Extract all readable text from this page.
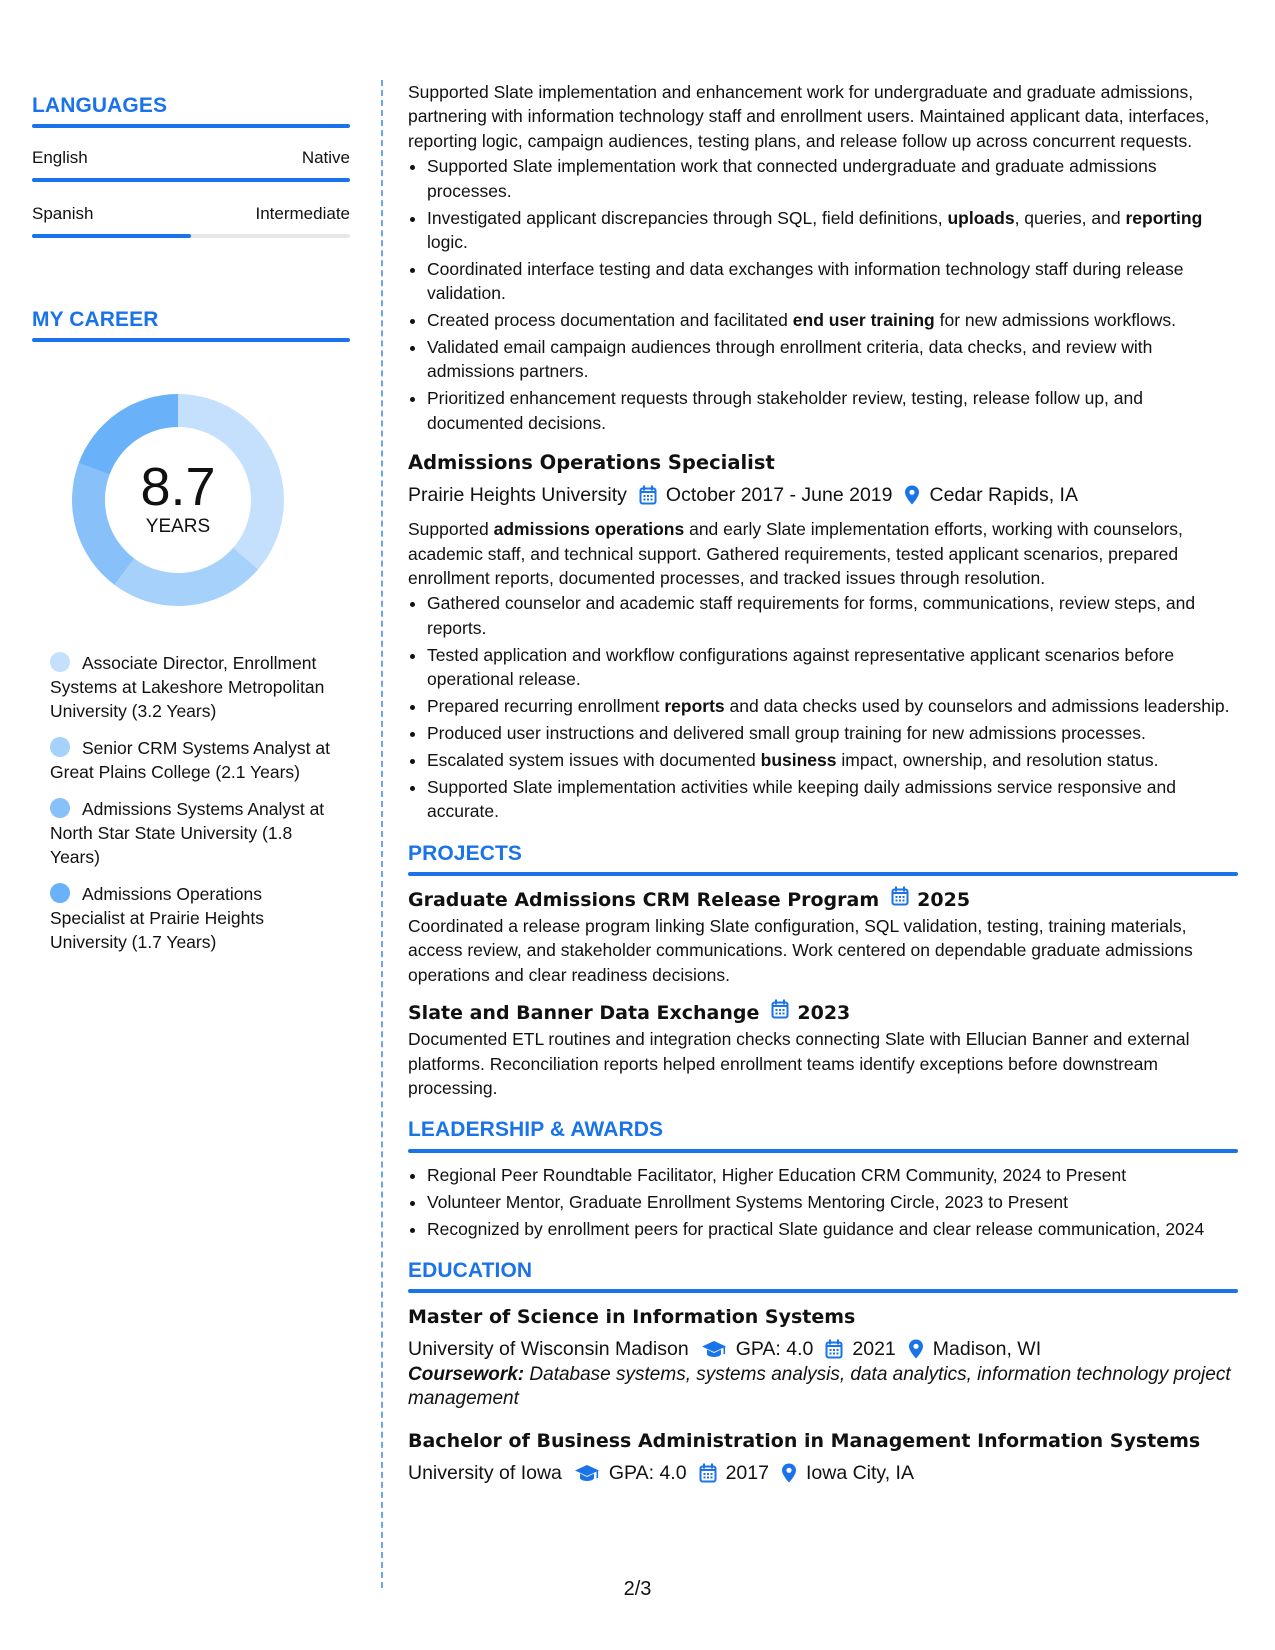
LANGUAGES
English	Native
Spanish	Intermediate
MY CAREER
8.7
YEARS
Associate Director, Enrollment Systems at Lakeshore Metropolitan University (3.2 Years)
Senior CRM Systems Analyst at Great Plains College (2.1 Years)
Admissions Systems Analyst at North Star State University (1.8 Years)
Admissions Operations Specialist at Prairie Heights University (1.7 Years)

Supported Slate implementation and enhancement work for undergraduate and graduate admissions, partnering with information technology staff and enrollment users. Maintained applicant data, interfaces, reporting logic, campaign audiences, testing plans, and release follow up across concurrent requests.

• Supported Slate implementation work that connected undergraduate and graduate admissions processes.
• Investigated applicant discrepancies through SQL, field definitions, uploads, queries, and reporting logic.
• Coordinated interface testing and data exchanges with information technology staff during release validation.
• Created process documentation and facilitated end user training for new admissions workflows.
• Validated email campaign audiences through enrollment criteria, data checks, and review with admissions partners.
• Prioritized enhancement requests through stakeholder review, testing, release follow up, and documented decisions.
Admissions Operations Specialist
Prairie Heights University October 2017 - June 2019 Cedar Rapids, IA

Supported admissions operations and early Slate implementation efforts, working with counselors, academic staff, and technical support. Gathered requirements, tested applicant scenarios, prepared enrollment reports, documented processes, and tracked issues through resolution.

• Gathered counselor and academic staff requirements for forms, communications, review steps, and reports.
• Tested application and workflow configurations against representative applicant scenarios before operational release.
• Prepared recurring enrollment reports and data checks used by counselors and admissions leadership.
• Produced user instructions and delivered small group training for new admissions processes.
• Escalated system issues with documented business impact, ownership, and resolution status.
• Supported Slate implementation activities while keeping daily admissions service responsive and accurate.
PROJECTS
Graduate Admissions CRM Release Program 2025

Coordinated a release program linking Slate configuration, SQL validation, testing, training materials, access review, and stakeholder communications. Work centered on dependable graduate admissions operations and clear readiness decisions.

Slate and Banner Data Exchange 2023

Documented ETL routines and integration checks connecting Slate with Ellucian Banner and external platforms. Reconciliation reports helped enrollment teams identify exceptions before downstream processing.

LEADERSHIP & AWARDS
• Regional Peer Roundtable Facilitator, Higher Education CRM Community, 2024 to Present
• Volunteer Mentor, Graduate Enrollment Systems Mentoring Circle, 2023 to Present
• Recognized by enrollment peers for practical Slate guidance and clear release communication, 2024
EDUCATION
Master of Science in Information Systems
University of Wisconsin Madison GPA: 4.0 2021 Madison, WI

Coursework: Database systems, systems analysis, data analytics, information technology project management

Bachelor of Business Administration in Management Information Systems
University of Iowa GPA: 4.0 2017 Iowa City, IA
2/3
